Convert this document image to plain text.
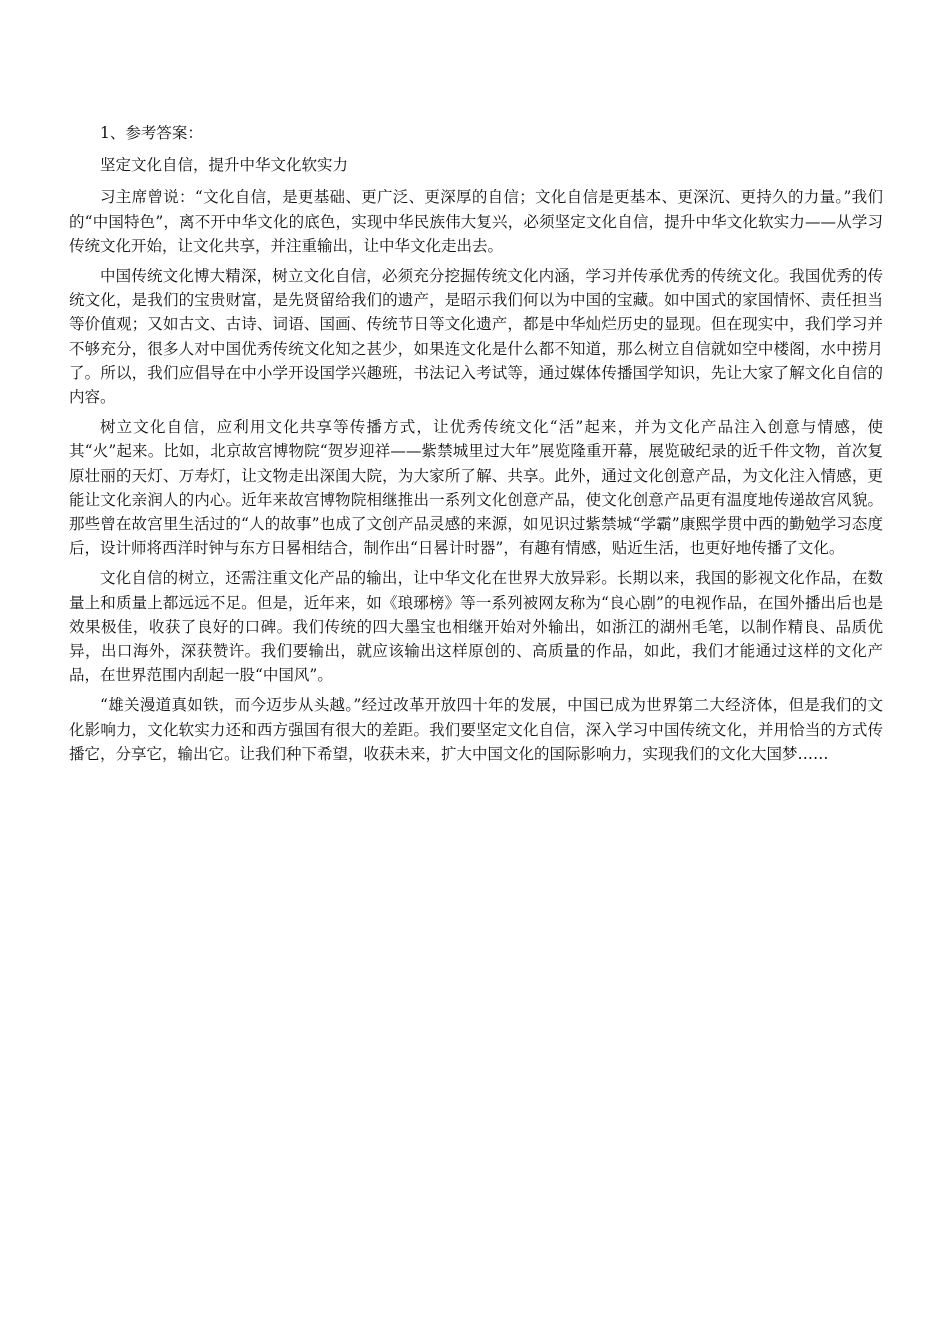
1、参考答案：

坚定文化自信，提升中华文化软实力

习主席曾说：“文化自信，是更基础、更广泛、更深厚的自信；文化自信是更基本、更深沉、更持久的力量。”我们的“中国特色”，离不开中华文化的底色，实现中华民族伟大复兴，必须坚定文化自信，提升中华文化软实力——从学习传统文化开始，让文化共享，并注重输出，让中华文化走出去。

中国传统文化博大精深，树立文化自信，必须充分挖掘传统文化内涵，学习并传承优秀的传统文化。我国优秀的传统文化，是我们的宝贵财富，是先贤留给我们的遗产，是昭示我们何以为中国的宝藏。如中国式的家国情怀、责任担当等价值观；又如古文、古诗、词语、国画、传统节日等文化遗产，都是中华灿烂历史的显现。但在现实中，我们学习并不够充分，很多人对中国优秀传统文化知之甚少，如果连文化是什么都不知道，那么树立自信就如空中楼阁，水中捞月了。所以，我们应倡导在中小学开设国学兴趣班，书法记入考试等，通过媒体传播国学知识，先让大家了解文化自信的内容。

树立文化自信，应利用文化共享等传播方式，让优秀传统文化“活”起来，并为文化产品注入创意与情感，使其“火”起来。比如，北京故宫博物院“贺岁迎祥——紫禁城里过大年”展览隆重开幕，展览破纪录的近千件文物，首次复原壮丽的天灯、万寿灯，让文物走出深闺大院，为大家所了解、共享。此外，通过文化创意产品，为文化注入情感，更能让文化亲润人的内心。近年来故宫博物院相继推出一系列文化创意产品，使文化创意产品更有温度地传递故宫风貌。那些曾在故宫里生活过的“人的故事”也成了文创产品灵感的来源，如见识过紫禁城“学霸”康熙学贯中西的勤勉学习态度后，设计师将西洋时钟与东方日晷相结合，制作出“日晷计时器”，有趣有情感，贴近生活，也更好地传播了文化。

文化自信的树立，还需注重文化产品的输出，让中华文化在世界大放异彩。长期以来，我国的影视文化作品，在数量上和质量上都远远不足。但是，近年来，如《琅琊榜》等一系列被网友称为“良心剧”的电视作品，在国外播出后也是效果极佳，收获了良好的口碑。我们传统的四大墨宝也相继开始对外输出，如浙江的湖州毛笔，以制作精良、品质优异，出口海外，深获赞许。我们要输出，就应该输出这样原创的、高质量的作品，如此，我们才能通过这样的文化产品，在世界范围内刮起一股“中国风”。

“雄关漫道真如铁，而今迈步从头越。”经过改革开放四十年的发展，中国已成为世界第二大经济体，但是我们的文化影响力，文化软实力还和西方强国有很大的差距。我们要坚定文化自信，深入学习中国传统文化，并用恰当的方式传播它，分享它，输出它。让我们种下希望，收获未来，扩大中国文化的国际影响力，实现我们的文化大国梦……
